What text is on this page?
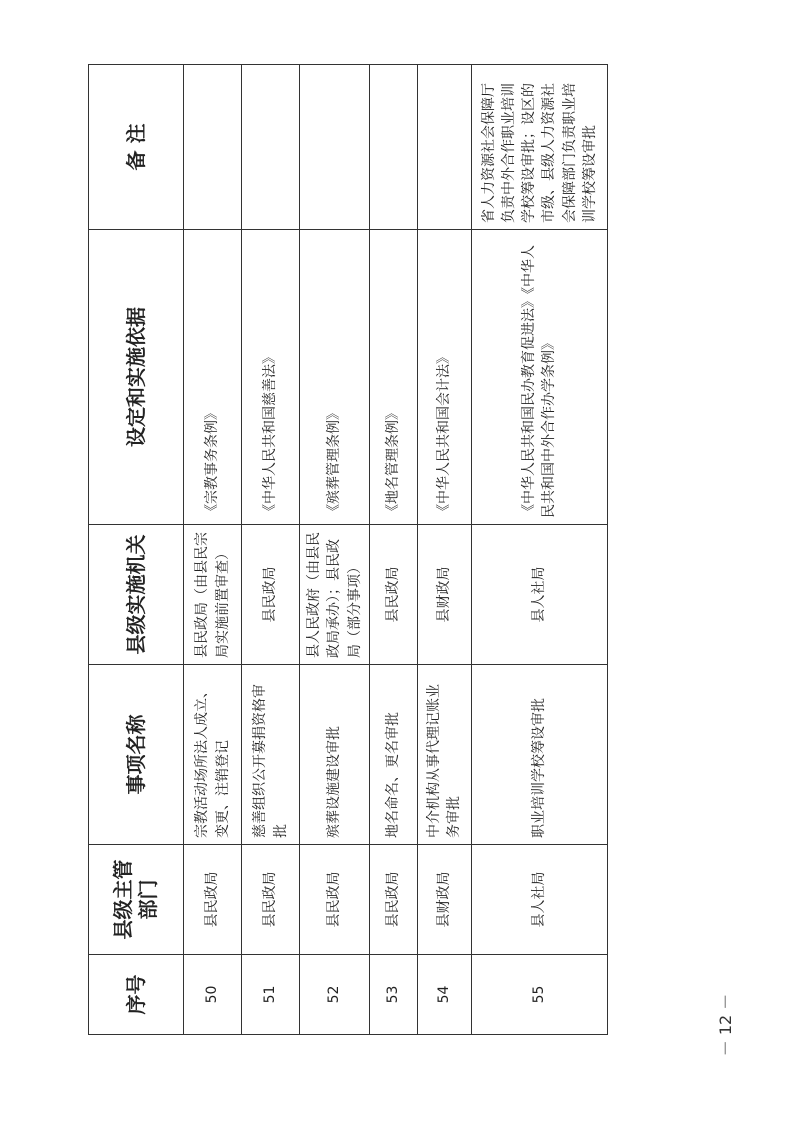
序号	县级主管部门	事项名称	县级实施机关	设定和实施依据	备 注
50	县民政局	宗教活动场所法人成立、变更、注销登记	县民政局（由县民宗局实施前置审查）	《宗教事务条例》	
51	县民政局	慈善组织公开募捐资格审批	县民政局	《中华人民共和国慈善法》	
52	县民政局	殡葬设施建设审批	县人民政府（由县民政局承办）；县民政局（部分事项）	《殡葬管理条例》	
53	县民政局	地名命名、更名审批	县民政局	《地名管理条例》	
54	县财政局	中介机构从事代理记账业务审批	县财政局	《中华人民共和国会计法》	
55	县人社局	职业培训学校筹设审批	县人社局	《中华人民共和国民办教育促进法》《中华人民共和国中外合作办学条例》	省人力资源社会保障厅负责中外合作职业培训学校筹设审批；设区的市级、县级人力资源社会保障部门负责职业培训学校筹设审批
－ 12 －
